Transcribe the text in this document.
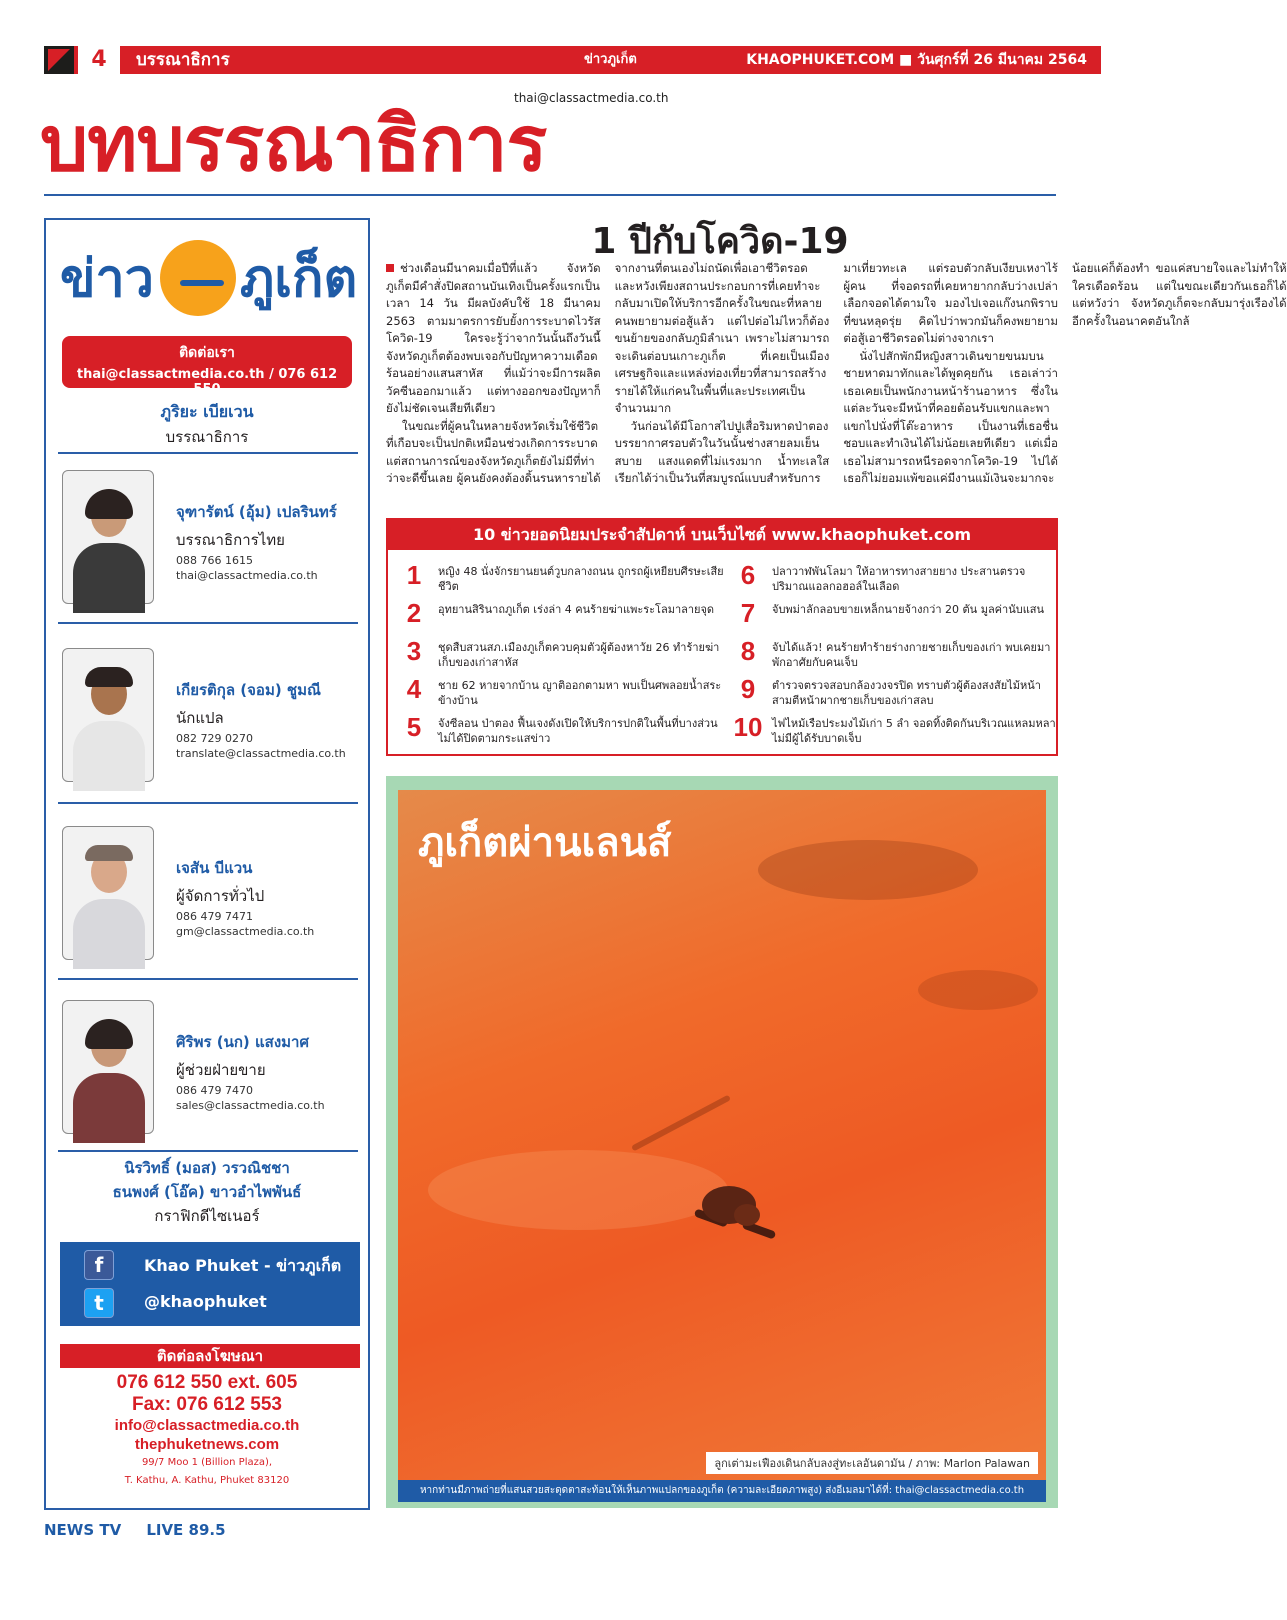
4	บรรณาธิการ	ข่าวภูเก็ต	KHAOPHUKET.COM ■ วันศุกร์ที่ 26 มีนาคม 2564
thai@classactmedia.co.th
บทบรรณาธิการ
ข่าว ภูเก็ต
ติดต่อเรา
thai@classactmedia.co.th / 076 612 550
ภูริยะ เบียเวน
บรรณาธิการ
จุฑารัตน์ (อุ้ม) เปลรินทร์
บรรณาธิการไทย
088 766 1615
thai@classactmedia.co.th
เกียรติกุล (จอม) ชูมณี
นักแปล
082 729 0270
translate@classactmedia.co.th
เจสัน บีแวน
ผู้จัดการทั่วไป
086 479 7471
gm@classactmedia.co.th
ศิริพร (นก) แสงมาศ
ผู้ช่วยฝ่ายขาย
086 479 7470
sales@classactmedia.co.th
นิรวิทธิ์ (มอส) วรวณิชชา
ธนพงศ์ (โอ๊ค) ขาวอำไพพันธ์
กราฟิกดีไซเนอร์
f	Khao Phuket - ข่าวภูเก็ต
t	@khaophuket
ติดต่อลงโฆษณา
076 612 550 ext. 605
Fax: 076 612 553
info@classactmedia.co.th
thephuketnews.com
99/7 Moo 1 (Billion Plaza),
T. Kathu, A. Kathu, Phuket 83120
1 ปีกับโควิด-19

ช่วงเดือนมีนาคมเมื่อปีที่แล้ว จังหวัดภูเก็ตมีคำสั่งปิดสถานบันเทิงเป็นครั้งแรกเป็นเวลา 14 วัน มีผลบังคับใช้ 18 มีนาคม 2563 ตามมาตรการยับยั้งการระบาดไวรัสโควิด-19 ใครจะรู้ว่าจากวันนั้นถึงวันนี้จังหวัดภูเก็ตต้องพบเจอกับปัญหาความเดือดร้อนอย่างแสนสาหัส ที่แม้ว่าจะมีการผลิตวัคซีนออกมาแล้ว แต่ทางออกของปัญหาก็ยังไม่ชัดเจนเสียทีเดียว

ในขณะที่ผู้คนในหลายจังหวัดเริ่มใช้ชีวิตที่เกือบจะเป็นปกติเหมือนช่วงเกิดการระบาด แต่สถานการณ์ของจังหวัดภูเก็ตยังไม่มีที่ท่าว่าจะดีขึ้นเลย ผู้คนยังคงต้องดิ้นรนหารายได้จากงานที่ตนเองไม่ถนัดเพื่อเอาชีวิตรอด และหวังเพียงสถานประกอบการที่เคยทำจะกลับมาเปิดให้บริการอีกครั้งในขณะที่หลายคนพยายามต่อสู้แล้ว แต่ไปต่อไม่ไหวก็ต้องขนย้ายของกลับภูมิลำเนา เพราะไม่สามารถจะเดินต่อบนเกาะภูเก็ต ที่เคยเป็นเมืองเศรษฐกิจและแหล่งท่องเที่ยวที่สามารถสร้างรายได้ให้แก่คนในพื้นที่และประเทศเป็นจำนวนมาก

วันก่อนได้มีโอกาสไปปูเสื่อริมหาดป่าตอง บรรยากาศรอบตัวในวันนั้นช่างสายลมเย็นสบาย แสงแดดที่ไม่แรงมาก น้ำทะเลใส เรียกได้ว่าเป็นวันที่สมบูรณ์แบบสำหรับการมาเที่ยวทะเล แต่รอบตัวกลับเงียบเหงาไร้ผู้คน ที่จอดรถที่เคยหายากกลับว่างเปล่า เลือกจอดได้ตามใจ มองไปเจอแก๊งนกพิราบที่ขนหลุดรุ่ย คิดไปว่าพวกมันก็คงพยายามต่อสู้เอาชีวิตรอดไม่ต่างจากเรา

นั่งไปสักพักมีหญิงสาวเดินขายขนมบนชายหาดมาทักและได้พูดคุยกัน เธอเล่าว่าเธอเคยเป็นพนักงานหน้าร้านอาหาร ซึ่งในแต่ละวันจะมีหน้าที่คอยต้อนรับแขกและพาแขกไปนั่งที่โต๊ะอาหาร เป็นงานที่เธอชื่นชอบและทำเงินได้ไม่น้อยเลยทีเดียว แต่เมื่อเธอไม่สามารถหนีรอดจากโควิด-19 ไปได้ เธอก็ไม่ยอมแพ้ขอแค่มีงานแม้เงินจะมากจะน้อยแค่ก็ต้องทำ ขอแค่สบายใจและไม่ทำให้ใครเดือดร้อน แต่ในขณะเดียวกันเธอก็ได้แต่หวังว่า จังหวัดภูเก็ตจะกลับมารุ่งเรืองได้อีกครั้งในอนาคตอันใกล้

10 ข่าวยอดนิยมประจำสัปดาห์ บนเว็บไซต์ www.khaophuket.com
1	หญิง 48 นั่งจักรยานยนต์วูบกลางถนน ถูกรถผู้เหยียบศีรษะเสียชีวิต
2	อุทยานสิรินาถภูเก็ต เร่งล่า 4 คนร้ายฆ่าแพะระโลมาลายจุด
3	ชุดสืบสวนสภ.เมืองภูเก็ตควบคุมตัวผู้ต้องหาวัย 26 ทำร้ายฆ่าเก็บของเก่าสาหัส
4	ชาย 62 หายจากบ้าน ญาติออกตามหา พบเป็นศพลอยน้ำสระข้างบ้าน
5	จังซีลอน ป่าตอง ฟื้นเจงดังเปิดให้บริการปกติในพื้นที่บางส่วน ไม่ได้ปิดตามกระแสข่าว
6	ปลาวาฬพันโลมา ให้อาหารทางสายยาง ประสานตรวจปริมาณแอลกอฮอล์ในเลือด
7	จับพม่าลักลอบขายเหล็กนายจ้างกว่า 20 ตัน มูลค่านับแสน
8	จับได้แล้ว! คนร้ายทำร้ายร่างกายชายเก็บของเก่า พบเคยมาพักอาศัยกับคนเจ็บ
9	ตำรวจตรวจสอบกล้องวงจรปิด ทราบตัวผู้ต้องสงสัยไม้หน้าสามตีหน้าผากชายเก็บของเก่าสลบ
10 ไฟไหม้เรือประมงไม้เก่า 5 ลำ จอดทิ้งติดกันบริเวณแหลมหลา ไม่มีผู้ได้รับบาดเจ็บ
ภูเก็ตผ่านเลนส์
ลูกเต่ามะเฟืองเดินกลับลงสู่ทะเลอันดามัน / ภาพ: Marlon Palawan
หากท่านมีภาพถ่ายที่แสนสวยสะดุดตาสะท้อนให้เห็นภาพแปลกของภูเก็ต (ความละเอียดภาพสูง) ส่งอีเมลมาได้ที่: thai@classactmedia.co.th
NEWS TV LIVE 89.5
